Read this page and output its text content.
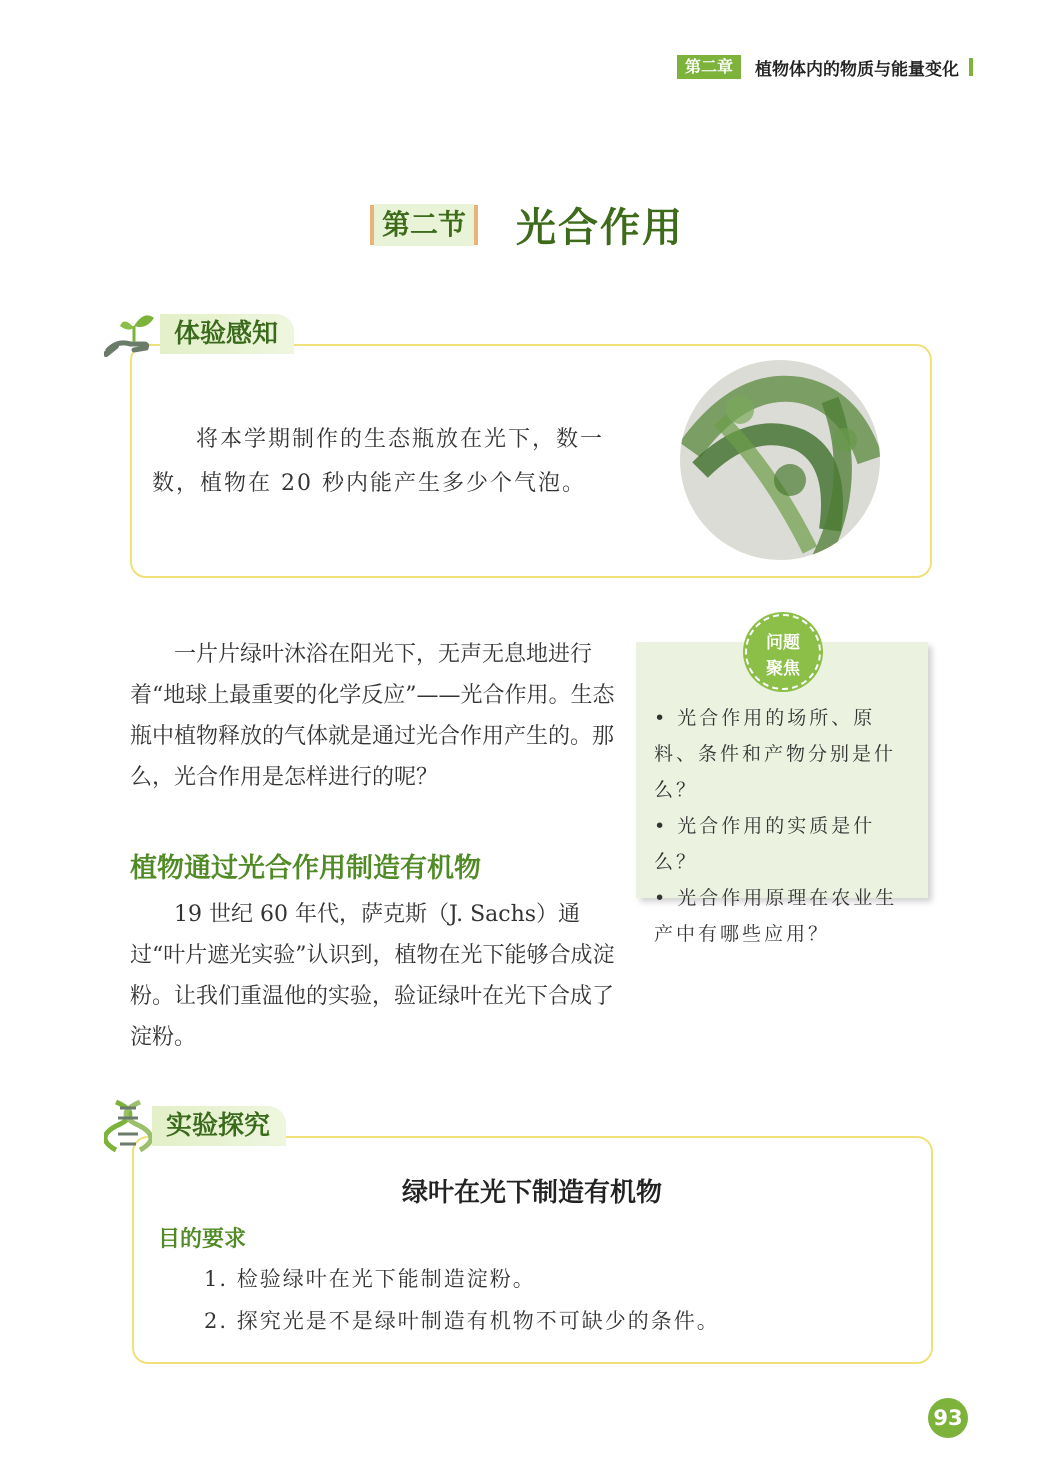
第二章	植物体内的物质与能量变化
第二节 光合作用
体验感知
将本学期制作的生态瓶放在光下，数一数，植物在 20 秒内能产生多少个气泡。
一片片绿叶沐浴在阳光下，无声无息地进行着“地球上最重要的化学反应”——光合作用。生态瓶中植物释放的气体就是通过光合作用产生的。那么，光合作用是怎样进行的呢？
问题
聚焦
• 光合作用的场所、原料、条件和产物分别是什么？
• 光合作用的实质是什么？
• 光合作用原理在农业生产中有哪些应用？
植物通过光合作用制造有机物
19 世纪 60 年代，萨克斯（J. Sachs）通过“叶片遮光实验”认识到，植物在光下能够合成淀粉。让我们重温他的实验，验证绿叶在光下合成了淀粉。
实验探究
绿叶在光下制造有机物
目的要求
1. 检验绿叶在光下能制造淀粉。
2. 探究光是不是绿叶制造有机物不可缺少的条件。
93
